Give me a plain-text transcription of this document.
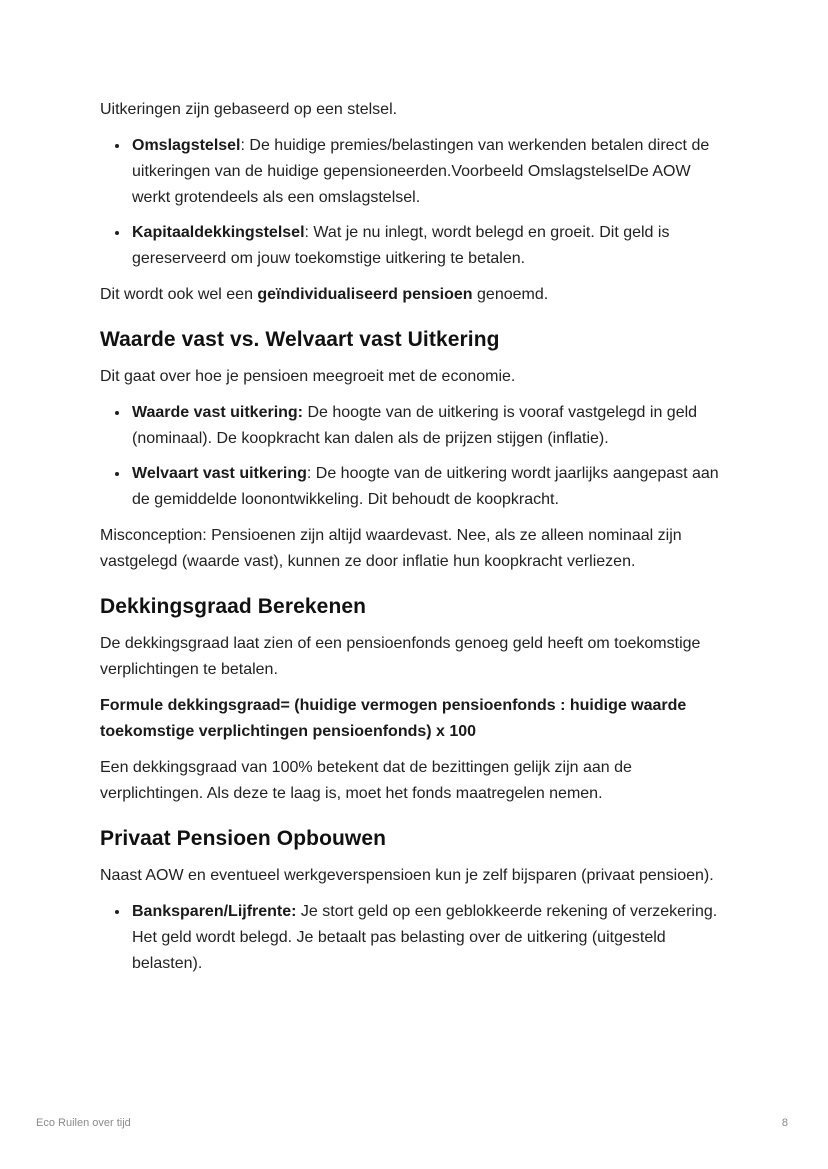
Uitkeringen zijn gebaseerd op een stelsel.

• Omslagstelsel: De huidige premies/belastingen van werkenden betalen direct de uitkeringen van de huidige gepensioneerden.Voorbeeld OmslagstelselDe AOW werkt grotendeels als een omslagstelsel.
• Kapitaaldekkingstelsel: Wat je nu inlegt, wordt belegd en groeit. Dit geld is gereserveerd om jouw toekomstige uitkering te betalen.

Dit wordt ook wel een geïndividualiseerd pensioen genoemd.

Waarde vast vs. Welvaart vast Uitkering

Dit gaat over hoe je pensioen meegroeit met de economie.

• Waarde vast uitkering: De hoogte van de uitkering is vooraf vastgelegd in geld (nominaal). De koopkracht kan dalen als de prijzen stijgen (inflatie).
• Welvaart vast uitkering: De hoogte van de uitkering wordt jaarlijks aangepast aan de gemiddelde loonontwikkeling. Dit behoudt de koopkracht.

Misconception: Pensioenen zijn altijd waardevast. Nee, als ze alleen nominaal zijn vastgelegd (waarde vast), kunnen ze door inflatie hun koopkracht verliezen.

Dekkingsgraad Berekenen

De dekkingsgraad laat zien of een pensioenfonds genoeg geld heeft om toekomstige verplichtingen te betalen.

Formule dekkingsgraad= (huidige vermogen pensioenfonds : huidige waarde toekomstige verplichtingen pensioenfonds) x 100

Een dekkingsgraad van 100% betekent dat de bezittingen gelijk zijn aan de verplichtingen. Als deze te laag is, moet het fonds maatregelen nemen.

Privaat Pensioen Opbouwen

Naast AOW en eventueel werkgeverspensioen kun je zelf bijsparen (privaat pensioen).

• Banksparen/Lijfrente: Je stort geld op een geblokkeerde rekening of verzekering. Het geld wordt belegd. Je betaalt pas belasting over de uitkering (uitgesteld belasten).
Eco Ruilen over tijd	8
